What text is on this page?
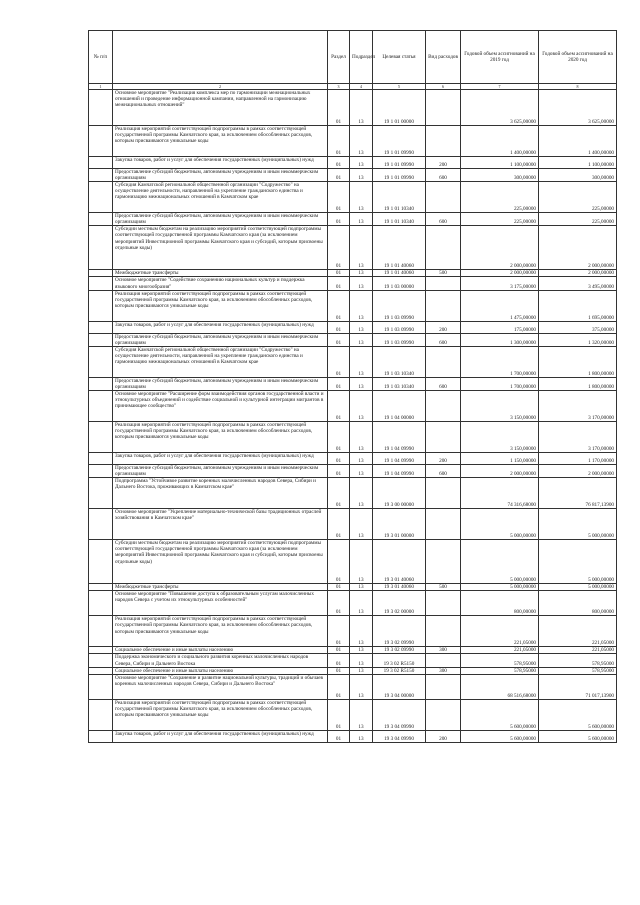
№ п/п		Раздел	Подраздел	Целевая статья	Вид расходов	Годовой объем ассигнований на 2019 год	Годовой объем ассигнований на 2020 год
1	2	3	4	5	6	7	8
	Основное мероприятие "Реализация комплекса мер по гармонизации межнациональных отношений и проведение информационной кампании, направленной на гармонизацию межнациональных отношений"	01	13	19 1 01 00000		3 625,00000	3 625,00000
	Реализация мероприятий соответствующей подпрограммы в рамках соответствующей государственной программы Камчатского края, за исключением обособленных расходов, которым присваиваются уникальные коды	01	13	19 1 01 09990		1 400,00000	1 400,00000
	Закупка товаров, работ и услуг для обеспечения государственных (муниципальных) нужд	01	13	19 1 01 09990	200	1 100,00000	1 100,00000
	Предоставление субсидий бюджетным, автономным учреждениям и иным некоммерческим организациям	01	13	19 1 01 09990	600	300,00000	300,00000
	Субсидия Камчатской региональной общественной организации "Содружество" на осуществление деятельности, направленной на укрепление гражданского единства и гармонизацию межнациональных отношений в Камчатском крае	01	13	19 1 01 10340		225,00000	225,00000
	Предоставление субсидий бюджетным, автономным учреждениям и иным некоммерческим организациям	01	13	19 1 01 10340	600	225,00000	225,00000
	Субсидии местным бюджетам на реализацию мероприятий соответствующей подпрограммы соответствующей государственной программы Камчатского края (за исключением мероприятий Инвестиционной программы Камчатского края и субсидий, которым присвоены отдельные коды)	01	13	19 1 01 40060		2 000,00000	2 000,00000
	Межбюджетные трансферты	01	13	19 1 01 40060	500	2 000,00000	2 000,00000
	Основное мероприятие "Содействие сохранению национальных культур и поддержка языкового многообразия"	01	13	19 1 03 00000		3 175,00000	3 495,00000
	Реализация мероприятий соответствующей подпрограммы в рамках соответствующей государственной программы Камчатского края, за исключением обособленных расходов, которым присваиваются уникальные коды	01	13	19 1 03 09990		1 475,00000	1 695,00000
	Закупка товаров, работ и услуг для обеспечения государственных (муниципальных) нужд	01	13	19 1 03 09990	200	175,00000	375,00000
	Предоставление субсидий бюджетным, автономным учреждениям и иным некоммерческим организациям	01	13	19 1 03 09990	600	1 300,00000	1 320,00000
	Субсидия Камчатской региональной общественной организации "Содружество" на осуществление деятельности, направленной на укрепление гражданского единства и гармонизацию межнациональных отношений в Камчатском крае	01	13	19 1 03 10340		1 700,00000	1 800,00000
	Предоставление субсидий бюджетным, автономным учреждениям и иным некоммерческим организациям	01	13	19 1 03 10340	600	1 700,00000	1 800,00000
	Основное мероприятие "Расширение форм взаимодействия органов государственной власти и этнокультурных объединений и содействие социальной и культурной интеграции мигрантов в принимающее сообщество"	01	13	19 1 04 00000		3 150,00000	3 170,00000
	Реализация мероприятий соответствующей подпрограммы в рамках соответствующей государственной программы Камчатского края, за исключением обособленных расходов, которым присваиваются уникальные коды	01	13	19 1 04 09990		3 150,00000	3 170,00000
	Закупка товаров, работ и услуг для обеспечения государственных (муниципальных) нужд	01	13	19 1 04 09990	200	1 150,00000	1 170,00000
	Предоставление субсидий бюджетным, автономным учреждениям и иным некоммерческим организациям	01	13	19 1 04 09990	600	2 000,00000	2 000,00000
	Подпрограмма "Устойчивое развитие коренных малочисленных народов Севера, Сибири и Дальнего Востока, проживающих в Камчатском крае"	01	13	19 3 00 00000		74 316,68000	76 817,13900
	Основное мероприятие "Укрепление материально-технической базы традиционных отраслей хозяйствования в Камчатском крае"	01	13	19 3 01 00000		5 000,00000	5 000,00000
	Субсидии местным бюджетам на реализацию мероприятий соответствующей подпрограммы соответствующей государственной программы Камчатского края (за исключением мероприятий Инвестиционной программы Камчатского края и субсидий, которым присвоены отдельные коды)	01	13	19 3 01 40060		5 000,00000	5 000,00000
	Межбюджетные трансферты	01	13	19 3 01 40060	500	5 000,00000	5 000,00000
	Основное мероприятие "Повышение доступа к образовательным услугам малочисленных народов Севера с учетом их этнокультурных особенностей"	01	13	19 3 02 00000		800,00000	800,00000
	Реализация мероприятий соответствующей подпрограммы в рамках соответствующей государственной программы Камчатского края, за исключением обособленных расходов, которым присваиваются уникальные коды	01	13	19 3 02 09990		221,05000	221,05000
	Социальное обеспечение и иные выплаты населению	01	13	19 3 02 09990	300	221,05000	221,05000
	Поддержка экономического и социального развития коренных малочисленных народов Севера, Сибири и Дальнего Востока	01	13	19 3 02 R5150		578,95000	578,95000
	Социальное обеспечение и иные выплаты населению	01	13	19 3 02 R5150	300	578,95000	578,95000
	Основное мероприятие "Сохранение и развитие национальной культуры, традиций и обычаев коренных малочисленных народов Севера, Сибири и Дальнего Востока"	01	13	19 3 04 00000		68 516,68000	71 017,13900
	Реализация мероприятий соответствующей подпрограммы в рамках соответствующей государственной программы Камчатского края, за исключением обособленных расходов, которым присваиваются уникальные коды	01	13	19 3 04 09990		5 600,00000	5 600,00000
	Закупка товаров, работ и услуг для обеспечения государственных (муниципальных) нужд	01	13	19 3 04 09990	200	5 600,00000	5 600,00000
